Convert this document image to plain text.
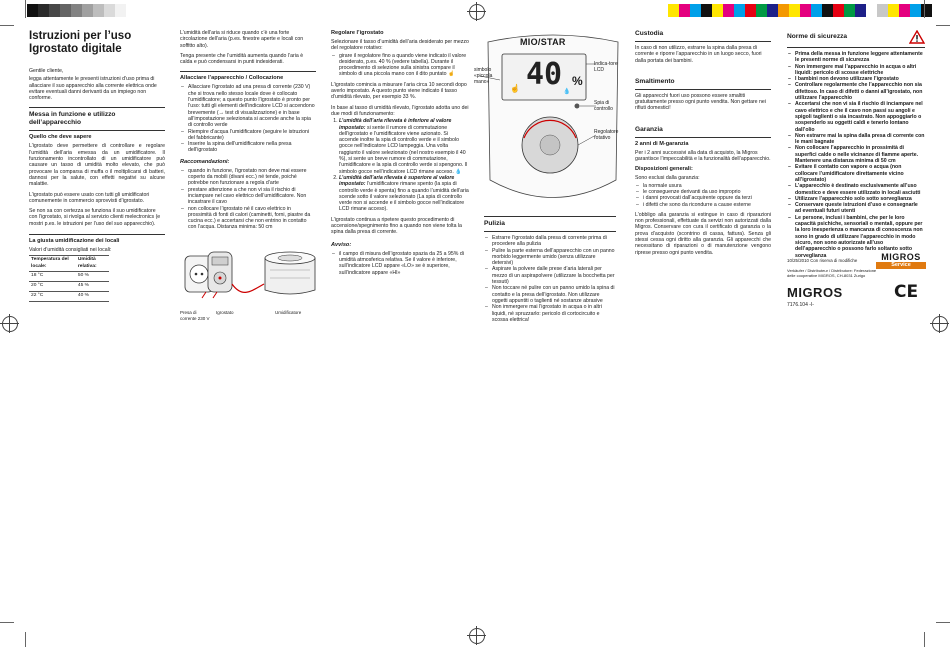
Istruzioni per l’uso
Igrostato digitale

Gentile cliente,

legga attentamente le presenti istruzioni d’uso prima di allacciare il suo apparecchio alla corrente elettrica onde evitare eventuali danni derivanti da un impiego non conforme.

Messa in funzione e utilizzo dell’apparecchio
Quello che deve sapere

L’igrostato deve permettere di controllare e regolare l’umidità dell’aria emessa da un umidificatore. Il funzionamento incontrollato di un umidificatore può causare un tasso di umidità molto elevato, che può provocare la comparsa di muffa o il moltiplicarsi di batteri, dannosi per la salute, con effetti negativi su alcune malattie.

L’igrostato può essere usato con tutti gli umidificatori comunemente in commercio sprovvisti d’igrostato.

Se non sa con certezza se funziona il suo umidificatore con l’igrostato, si rivolga al servizio clienti melectronics (e mostri p.es. le istruzioni per l’uso del suo apparecchio).

La giusta umidificazione dei locali

Valori d’umidità consigliati nei locali:

Temperatura del locale:	Umidità relativa:
18 °C	50 %
20 °C	45 %
22 °C	40 %

L’umidità dell’aria si riduce quando c’è una forte circolazione dell’aria (p.es. finestre aperte e locali con soffitto alto).

Tenga presente che l’umidità aumenta quando l’aria è calda e può condensarsi in punti indesiderati.

Allacciare l’apparecchio / Collocazione
– Allacciare l’igrostato ad una presa di corrente (230 V) che si trova nello stesso locale dove è collocato l’umidificatore; a questo punto l’igrostato è pronto per l’uso: tutti gli elementi dell’indicatore LCD si accendono brevemente (→ test di visualizzazione) e in base all’impostazione selezionata si accende anche la spia di controllo verde
– Riempire d’acqua l’umidificatore (seguire le istruzioni del fabbricante)
– Inserire la spina dell’umidificatore nella presa dell’igrostato
Raccomandazioni:
– quando in funzione, l’igrostato non deve mai essere coperto da mobili (divani ecc.) né tende, poiché potrebbe non funzionare a regola d’arte
– prestare attenzione a che non vi sia il rischio di inciampare nel cavo elettrico dell’umidificatore. Non incastrare il cavo
– non collocare l’igrostato né il cavo elettrico in prossimità di fonti di calori (caminetti, forni, piastre da cucina ecc.) e accertarsi che non entrino in contatto con l’acqua. Distanza minima: 50 cm
Presa di corrente 230 V
Igrostato	Umidificatore
Regolare l’igrostato

Selezionare il tasso d’umidità dell’aria desiderato per mezzo del regolatore rotativo:

– girare il regolatore fino a quando viene indicato il valore desiderato, p.es. 40 % (vedere tabella). Durante il procedimento di selezione sulla sinistra compare il simbolo di una piccola mano con il dito puntato ☝

L’igrostato comincia a misurare l’aria circa 10 secondi dopo averlo impostato. A questo punto viene indicato il tasso d’umidità rilevato, per esempio 33 %.

In base al tasso di umidità rilevato, l’igrostato adotta uno dei due modi di funzionamento:

1. L’umidità dell’aria rilevata è inferiore al valore impostato: si sente il rumore di commutazione dell’igrostato e l’umidificatore viene azionato. Si accende inoltre la spia di controllo verde e il simbolo gocce nell’indicatore LCD lampeggia. Una volta raggiunto il valore selezionato (nel nostro esempio il 40 %), si sente un breve rumore di commutazione, l’umidificatore e la spia di controllo verde si spengono. Il simbolo gocce nell’indicatore LCD rimane acceso. 💧
2. L’umidità dell’aria rilevata è superiore al valore impostato: l’umidificatore rimane spento (la spia di controllo verde è spenta) fino a quando l’umidità dell’aria scende sotto il valore selezionato (La spia di controllo verde non si accende e il simbolo gocce nell’indicatore LCD rimane acceso).

L’igrostato continua a ripetere questo procedimento di accensione/spegnimento fino a quando non viene tolta la spina dalla presa di corrente.

Avviso:
– il campo di misura dell’igrostato spazia da 25 a 95% di umidità atmosferica relativa. Se il valore è inferiore, sull’indicatore LCD appare «LO» se è superiore, sull’indicatore appare «HI»
MIO/STAR
40 %
☝	💧
simbolo «piccola mano»
Indica-tore LCD
Spia di controllo
Regolatore rotativo
Pulizia
– Estrarre l’igrostato dalla presa di corrente prima di procedere alla pulizia
– Pulire la parte esterna dell’apparecchio con un panno morbido leggermente umido (senza utilizzare detersivi)
– Aspirare la polvere dalle prese d’aria laterali per mezzo di un aspirapolvere (utilizzare la bocchetta per tessuti)
– Non toccare né pulire con un panno umido la spina di contatto e la presa dell’igrostato. Non utilizzare oggetti appuntiti o taglienti né sostanze abrasive
– Non immergere mai l’igrostato in acqua o in altri liquidi, né spruzzarlo: pericolo di cortocircuito e scossa elettrica!
Custodia

In caso di non utilizzo, estrarre la spina dalla presa di corrente e riporre l’apparecchio in un luogo secco, fuori dalla portata dei bambini.

Smaltimento

Gli apparecchi fuori uso possono essere smaltiti gratuitamente presso ogni punto vendita. Non gettare nei rifiuti domestici!

Garanzia
2 anni di M-garanzia

Per i 2 anni successivi alla data di acquisto, la Migros garantisce l’impeccabilità e la funzionalità dell’apparecchio.

Disposizioni generali:

Sono esclusi dalla garanzia:

– la normale usura
– le conseguenze derivanti da uso improprio
– i danni provocati dall’acquirente oppure da terzi
– i difetti che sono da ricondurre a cause esterne

L’obbligo alla garanzia si estingue in caso di riparazioni non professionali, effettuate da servizi non autorizzati dalla Migros. Conservare con cura il certificato di garanzia o la prova d’acquisto (scontrino di cassa, fattura). Senza gli stessi cessa ogni diritto alla garanzia. Gli apparecchi che necessitano di riparazioni o di manutenzione vengono riprese presso ogni punto vendita.

Norme di sicurezza
– Prima della messa in funzione leggere attentamente le presenti norme di sicurezza
– Non immergere mai l’apparecchio in acqua o altri liquidi: pericolo di scosse elettriche
– I bambini non devono utilizzare l’igrostato
– Controllare regolarmente che l’apparecchio non sia difettoso. In caso di difetti o danni all’igrostato, non utilizzare l’apparecchio
– Accertarsi che non vi sia il rischio di inciampare nel cavo elettrico e che il cavo non passi su angoli e spigoli taglienti o sia incastrato. Non appoggiarlo o sospenderlo su oggetti caldi e tenerlo lontano dall’olio
– Non estrarre mai la spina dalla presa di corrente con le mani bagnate
– Non collocare l’apparecchio in prossimità di superfici calde o nelle vicinanze di fiamme aperte. Mantenere una distanza minima di 50 cm
– Evitare il contatto con vapore o acqua (non collocare l’umidificatore direttamente vicino all’igrostato)
– L’apparecchio è destinato esclusivamente all’uso domestico e deve essere utilizzato in locali asciutti
– Utilizzare l’apparecchio solo sotto sorveglianza
– Conservare queste istruzioni d’uso e consegnarle ad eventuali futuri utenti
– Le persone, inclusi i bambini, che per le loro capacità psichiche, sensoriali o mentali, oppure per la loro inesperienza o mancanza di conoscenza non sono in grado di utilizzare l’apparecchio in modo sicuro, non sono autorizzate all’uso dell’apparecchio o possono farlo soltanto sotto sorveglianza
10/25/2010 Con riserva di modifiche
Verkäufer / Distributeur / Distributore: Federazione delle cooperative MIGROS, CH-8031 Zurigo
MIGROS
Service
MIGROS	CE
7176.104 -I-
